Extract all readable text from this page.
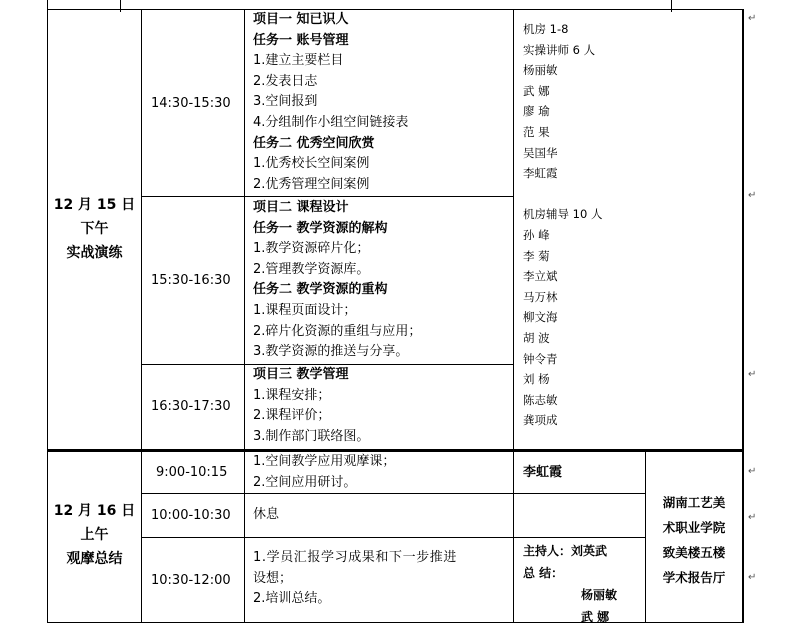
↵
↵
↵
↵
↵
↵
12 月 15 日
下午
实战演练
14:30-15:30
15:30-16:30
16:30-17:30
项目一 知已识人
任务一 账号管理
1.建立主要栏目
2.发表日志
3.空间报到
4.分组制作小组空间链接表
任务二 优秀空间欣赏
1.优秀校长空间案例
2.优秀管理空间案例
项目二 课程设计
任务一 教学资源的解构
1.教学资源碎片化；
2.管理教学资源库。
任务二 教学资源的重构
1.课程页面设计；
2.碎片化资源的重组与应用；
3.教学资源的推送与分享。
项目三 教学管理
1.课程安排；
2.课程评价；
3.制作部门联络图。
机房 1-8
实操讲师 6 人
杨丽敏
武 娜
廖 瑜
范 果
吴国华
李虹霞
机房辅导 10 人
孙 峰
李 菊
李立斌
马万林
柳文海
胡 波
钟令青
刘 杨
陈志敏
龚项成
12 月 16 日
上午
观摩总结
9:00-10:15
10:00-10:30
10:30-12:00
1.空间教学应用观摩课；
2.空间应用研讨。
休息
1.学员汇报学习成果和下一步推进
设想；
2.培训总结。
李虹霞
主持人：刘英武
总 结：
杨丽敏
武 娜
湖南工艺美
术职业学院
致美楼五楼
学术报告厅
